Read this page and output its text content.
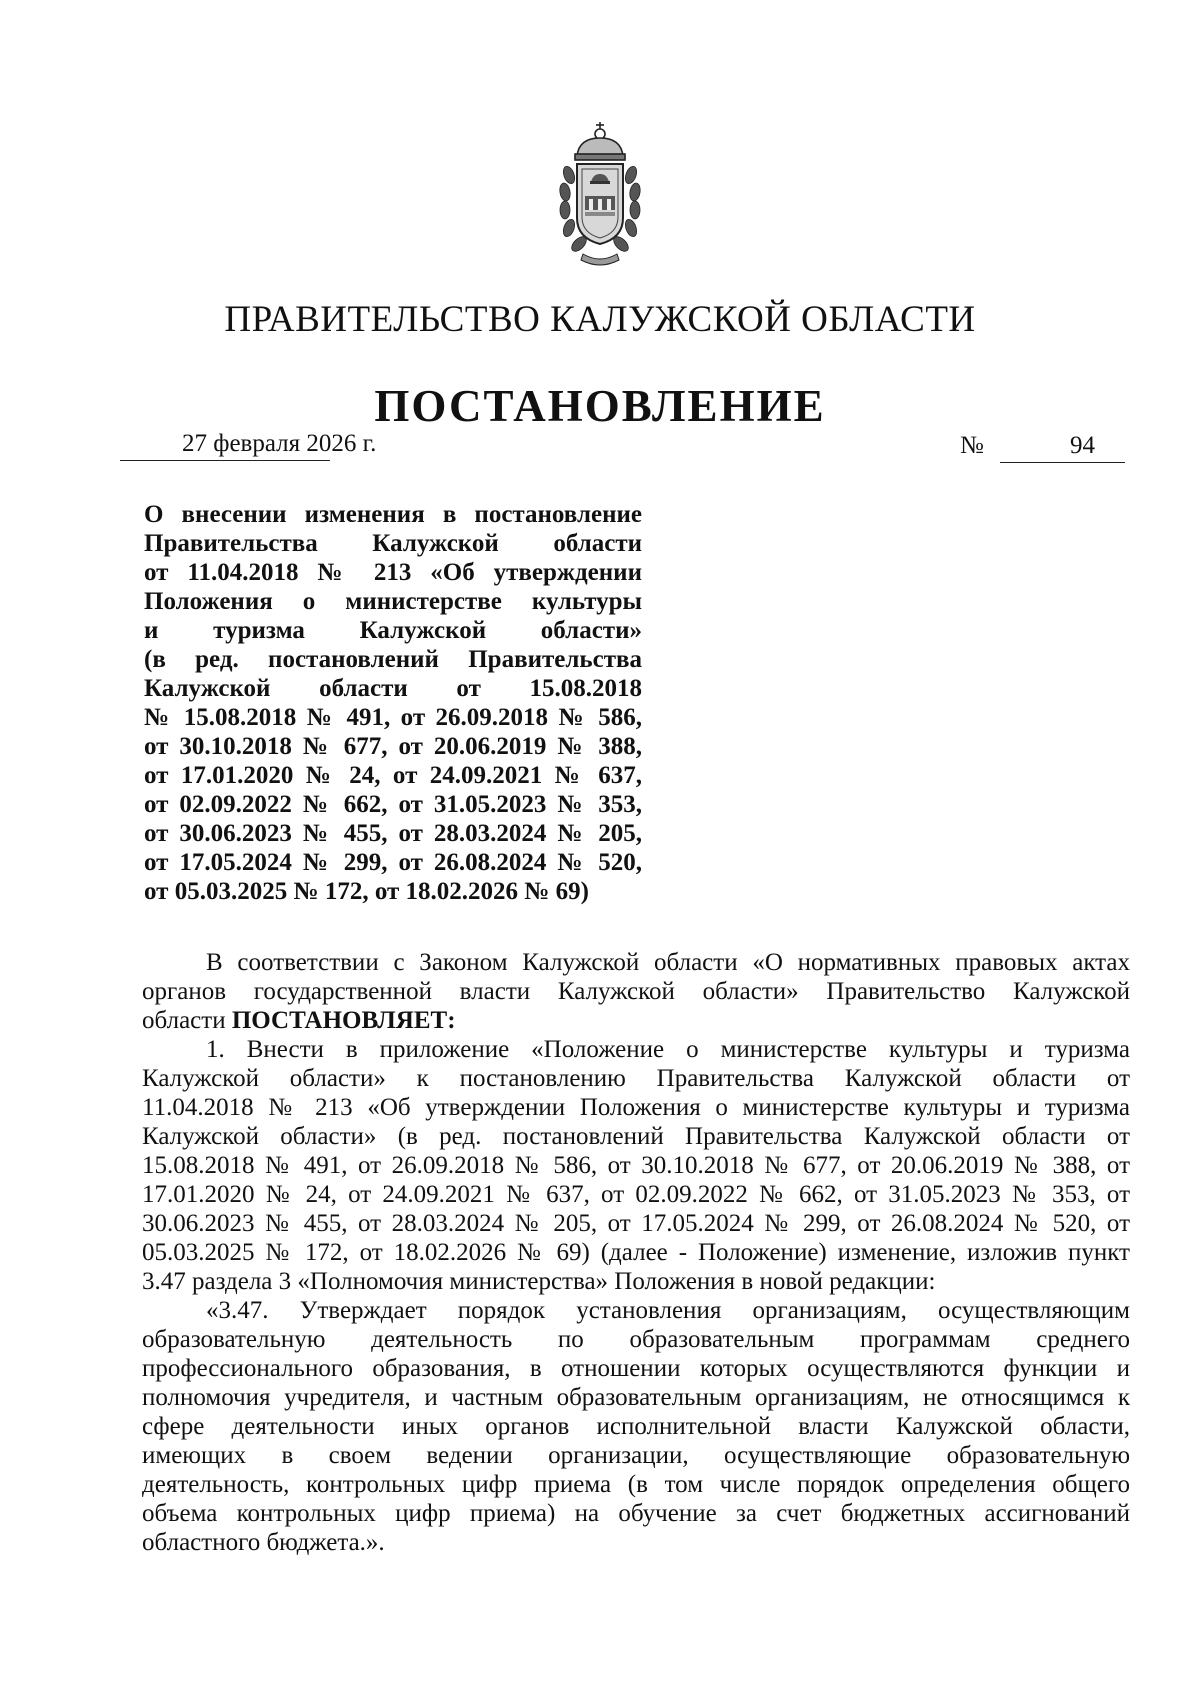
ПРАВИТЕЛЬСТВО КАЛУЖСКОЙ ОБЛАСТИ
ПОСТАНОВЛЕНИЕ
27 февраля 2026 г.	№	94
О внесении изменения в постановление
Правительства Калужской области
от 11.04.2018 № 213 «Об утверждении
Положения о министерстве культуры
и туризма Калужской области»
(в ред. постановлений Правительства
Калужской области от 15.08.2018
№ 15.08.2018 № 491, от 26.09.2018 № 586,
от 30.10.2018 № 677, от 20.06.2019 № 388,
от 17.01.2020 № 24, от 24.09.2021 № 637,
от 02.09.2022 № 662, от 31.05.2023 № 353,
от 30.06.2023 № 455, от 28.03.2024 № 205,
от 17.05.2024 № 299, от 26.08.2024 № 520,
от 05.03.2025 № 172, от 18.02.2026 № 69)
В соответствии с Законом Калужской области «О нормативных правовых актах
органов государственной власти Калужской области» Правительство Калужской
области ПОСТАНОВЛЯЕТ:
1. Внести в приложение «Положение о министерстве культуры и туризма
Калужской области» к постановлению Правительства Калужской области от
11.04.2018 № 213 «Об утверждении Положения о министерстве культуры и туризма
Калужской области» (в ред. постановлений Правительства Калужской области от
15.08.2018 № 491, от 26.09.2018 № 586, от 30.10.2018 № 677, от 20.06.2019 № 388, от
17.01.2020 № 24, от 24.09.2021 № 637, от 02.09.2022 № 662, от 31.05.2023 № 353, от
30.06.2023 № 455, от 28.03.2024 № 205, от 17.05.2024 № 299, от 26.08.2024 № 520, от
05.03.2025 № 172, от 18.02.2026 № 69) (далее - Положение) изменение, изложив пункт
3.47 раздела 3 «Полномочия министерства» Положения в новой редакции:
«3.47. Утверждает порядок установления организациям, осуществляющим
образовательную деятельность по образовательным программам среднего
профессионального образования, в отношении которых осуществляются функции и
полномочия учредителя, и частным образовательным организациям, не относящимся к
сфере деятельности иных органов исполнительной власти Калужской области,
имеющих в своем ведении организации, осуществляющие образовательную
деятельность, контрольных цифр приема (в том числе порядок определения общего
объема контрольных цифр приема) на обучение за счет бюджетных ассигнований
областного бюджета.».
